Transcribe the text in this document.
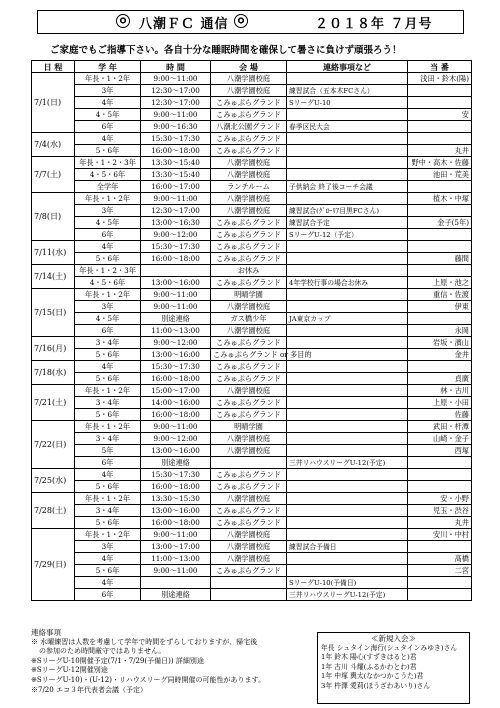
八潮ＦＣ 通信	２０１８年 ７月号
ご家庭でもご指導下さい。各自十分な睡眠時間を確保して暑さに負けず頑張ろう！
日 程	学 年	時 間	会 場	連絡事項など	当 番
7/1(日)	年長・1・2年	9:00～11:00	八潮学園校庭		浅田・鈴木(陽)
	3年	12:30～17:00	八潮学園校庭	練習試合（五本木FCさん）	
	4年	12:30～17:00	こみゅぷらグランド	SリーグU-10	
	4・5年	9:00～11:00	こみゅぷらグランド		安
	6年	9:00～16:30	八潮北公園グランド	春季区民大会	
7/4(水)	4年	15:30～17:30	こみゅぷらグランド		
	5・6年	16:00～18:00	こみゅぷらグランド		丸井
7/7(土)	年長・1・2・3年	13:30～15:40	八潮学園校庭		野中・高木・佐藤
	4・5・6年	13:30～15:40	八潮学園校庭		池田・荒美
	全学年	16:00～17:00	ランチルーム	子供納会 終了後コーチ会議	
7/8(日)	年長・1・2年	9:00～11:00	八潮学園校庭		植木・中塚
	3年	12:30～17:00	八潮学園校庭	練習試合(ｸﾞﾛｰﾘｱ目黒FCさん)	
	4・5年	13:00～16:30	こみゅぷらグランド	練習試合予定	金子(5年)
	6年	9:00～12:00	こみゅぷらグランド	SリーグU-12（予定）	
7/11(水)	4年	15:30～17:30	こみゅぷらグランド		
	5・6年	16:00～18:00	こみゅぷらグランド		藤間
7/14(土)	年長・1・2・3年		お休み		
	4・5・6年	13:00～16:00	こみゅぷらグランド	4年学校行事の場合お休み	上原・池之
7/15(日)	年長・1・2年	9:00～11:00	明晴学園		重信・佐渡
	3年	9:00～11:00	八潮学園校庭		伊東
	4・5年	別途連絡	ガス橋少年	JA東京カップ	
	6年	11:00～13:00	八潮学園校庭		永岡
7/16(月)	3・4年	9:00～12:00	こみゅぷらグランド		岩坂・濱山
	5・6年	13:00～16:00	こみゅぷらグランド or 多目的		金井
7/18(水)	4年	15:30～17:30	こみゅぷらグランド		
	5・6年	16:00～18:00	こみゅぷらグランド		貞廣
7/21(土)	年長・1・2年	15:00～17:00	八潮学園校庭		林・古川
	3・4年	14:00～16:00	こみゅぷらグランド		上原・小田
	5・6年	16:00～18:00	こみゅぷらグランド		佐藤
7/22(日)	年長・1・2年	9:00～11:00	明晴学園		武田・杆潭
	3・4年	9:00～12:00	八潮学園校庭		山崎・金子
	5年	13:00～16:00	八潮学園校庭		西塚
	6年	別途連絡		三井リハウスリーグU-12(予定)	
7/25(水)	4年	15:30～17:30	こみゅぷらグランド		
	5・6年	16:00～18:00	こみゅぷらグランド		
7/28(土)	年長・1・2年	13:30～15:30	八潮学園校庭		安・小野
	3・4年	13:00～16:00	こみゅぷらグランド		児玉・渋谷
	5・6年	16:00～18:00	こみゅぷらグランド		丸井
7/29(日)	年長・1・2年	9:00～11:00	八潮学園校庭		安川・中村
	3年	13:00～17:00	八潮学園校庭	練習試合予備日	
	4年	11:00～13:00	八潮学園校庭		髙橋
	5・6年	9:00～11:00	こみゅぷらグランド		二宮
	4年			SリーグU-10(予備日)	
	6年	別途連絡		三井リハウスリーグU-12(予定)	
連絡事項
※ 水曜練習は人数を考慮して学年で時間をずらしておりますが、帰宅後
の参加のため時間厳守ではありません。
※SリーグU-10開催予定(7/1・7/29(予備日)) 詳細別途
※SリーグU-12開催別途
※SリーグU-10)・(U-12)・リハウスリーグ同時開催の可能性があります。
※7/20 エコ３年代表者会議（予定）
≪新規入会≫
年長 シュタイン海行(シュタインみゆき)さん
1年 鈴木 陽心(すずきはると)君
1年 古川 斗耀(ふるかわとわ)君
1年 中塚 輿太(なかつかこうた)君
3年 杵澤 愛莉(ほうざわあいり)さん
